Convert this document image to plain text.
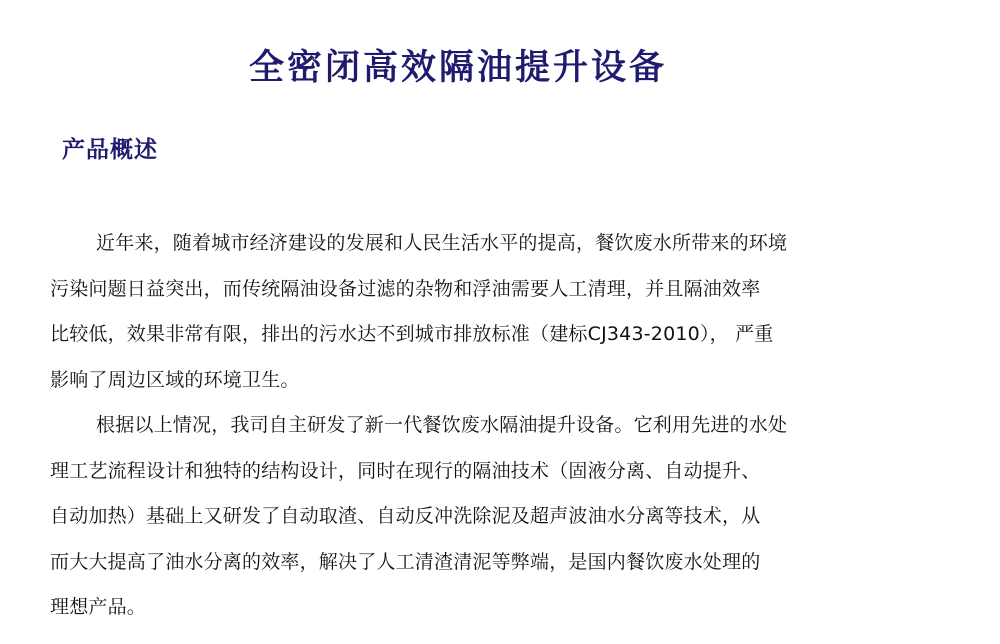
全密闭高效隔油提升设备
产品概述
近年来，随着城市经济建设的发展和人民生活水平的提高，餐饮废水所带来的环境
污染问题日益突出，而传统隔油设备过滤的杂物和浮油需要人工清理，并且隔油效率
比较低，效果非常有限，排出的污水达不到城市排放标准（建标CJ343-2010）， 严重
影响了周边区域的环境卫生。
根据以上情况，我司自主研发了新一代餐饮废水隔油提升设备。它利用先进的水处
理工艺流程设计和独特的结构设计，同时在现行的隔油技术（固液分离、自动提升、
自动加热）基础上又研发了自动取渣、自动反冲洗除泥及超声波油水分离等技术，从
而大大提高了油水分离的效率，解决了人工清渣清泥等弊端，是国内餐饮废水处理的
理想产品。
